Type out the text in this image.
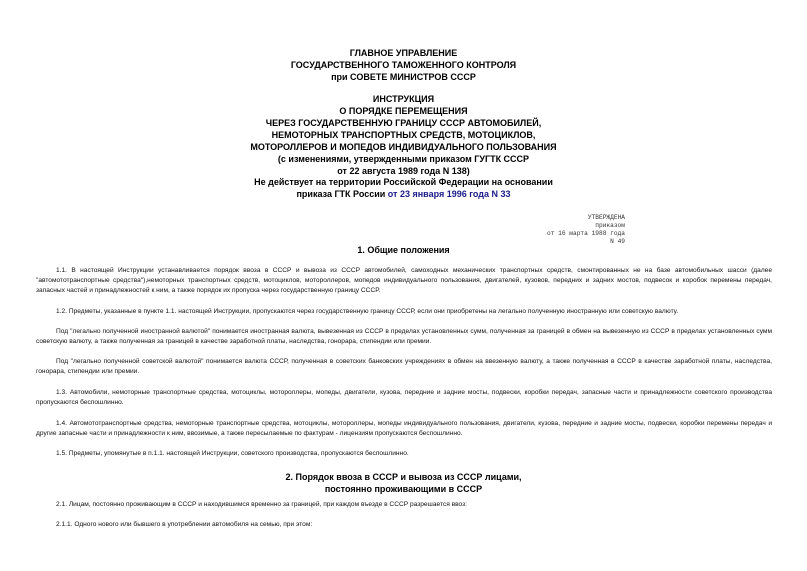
ГЛАВНОЕ УПРАВЛЕНИЕ
ГОСУДАРСТВЕННОГО ТАМОЖЕННОГО КОНТРОЛЯ
при СОВЕТЕ МИНИСТРОВ СССР
ИНСТРУКЦИЯ
О ПОРЯДКЕ ПЕРЕМЕЩЕНИЯ
ЧЕРЕЗ ГОСУДАРСТВЕННУЮ ГРАНИЦУ СССР АВТОМОБИЛЕЙ,
НЕМОТОРНЫХ ТРАНСПОРТНЫХ СРЕДСТВ, МОТОЦИКЛОВ,
МОТОРОЛЛЕРОВ И МОПЕДОВ ИНДИВИДУАЛЬНОГО ПОЛЬЗОВАНИЯ
(с изменениями, утвержденными приказом ГУГТК СССР
от 22 августа 1989 года N 138)
Не действует на территории Российской Федерации на основании
приказа ГТК России от 23 января 1996 года N 33
УТВЕРЖДЕНА
приказом
от 16 марта 1988 года
N 49
1. Общие положения
1.1. В настоящей Инструкции устанавливается порядок ввоза в СССР и вывоза из СССР автомобилей, самоходных механических транспортных средств, смонтированных не на базе автомобильных шасси (далее "автомототранспортные средства"),немоторных транспортных средств, мотоциклов, мотороллеров, мопедов индивидуального пользования, двигателей, кузовов, передних и задних мостов, подвесок и коробок перемены передач, запасных частей и принадлежностей к ним, а также порядок их пропуска через государственную границу СССР.
1.2. Предметы, указанные в пункте 1.1. настоящей Инструкции, пропускаются через государственную границу СССР, если они приобретены на легально полученную иностранную или советскую валюту.
Под "легально полученной иностранной валютой" понимается иностранная валюта, вывезенная из СССР в пределах установленных сумм, полученная за границей в обмен на вывезенную из СССР в пределах установленных сумм советскую валюту, а также полученная за границей в качестве заработной платы, наследства, гонорара, стипендии или премии.
Под "легально полученной советской валютой" понимается валюта СССР, полученная в советских банковских учреждениях в обмен на ввезенную валюту, а также полученная в СССР в качестве заработной платы, наследства, гонорара, стипендии или премии.
1.3. Автомобили, немоторные транспортные средства, мотоциклы, мотороллеры, мопеды, двигатели, кузова, передние и задние мосты, подвески, коробки передач, запасные части и принадлежности советского производства пропускаются беспошлинно.
1.4. Автомототранспортные средства, немоторные транспортные средства, мотоциклы, мотороллеры, мопеды индивидуального пользования, двигатели, кузова, передние и задние мосты, подвески, коробки перемены передач и другие запасные части и принадлежности к ним, ввозимые, а также пересылаемые по фактурам - лицензиям пропускаются беспошлинно.
1.5. Предметы, упомянутые в п.1.1. настоящей Инструкции, советского производства, пропускаются беспошлинно.
2. Порядок ввоза в СССР и вывоза из СССР лицами,
постоянно проживающими в СССР
2.1. Лицам, постоянно проживающим в СССР и находившимся временно за границей, при каждом въезде в СССР разрешается ввоз:
2.1.1. Одного нового или бывшего в употреблении автомобиля на семью, при этом:
